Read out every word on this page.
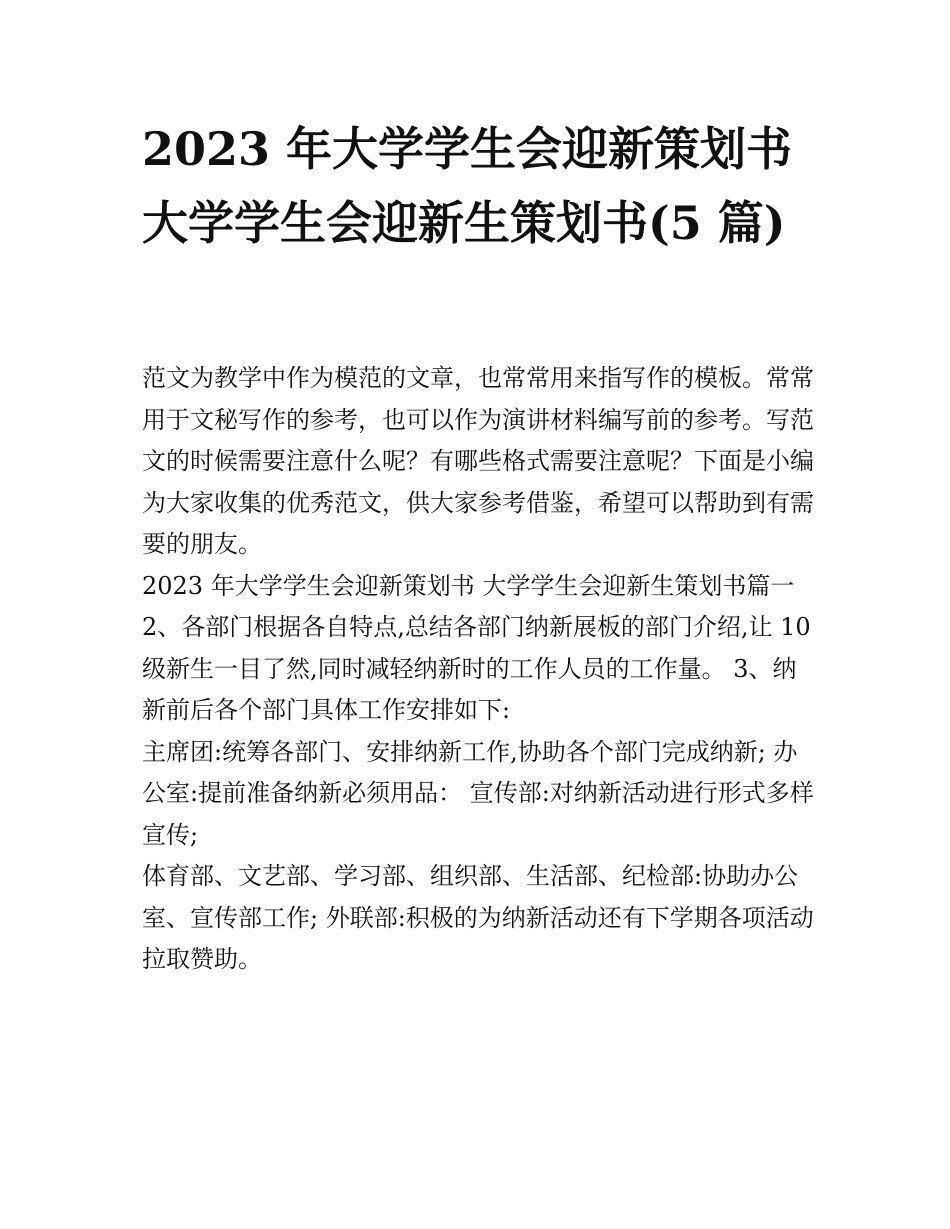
2023 年大学学生会迎新策划书 大学学生会迎新生策划书(5 篇)

范文为教学中作为模范的文章，也常常用来指写作的模板。常常用于文秘写作的参考，也可以作为演讲材料编写前的参考。写范文的时候需要注意什么呢？有哪些格式需要注意呢？下面是小编为大家收集的优秀范文，供大家参考借鉴，希望可以帮助到有需要的朋友。

2023 年大学学生会迎新策划书 大学学生会迎新生策划书篇一

2、各部门根据各自特点,总结各部门纳新展板的部门介绍,让 10 级新生一目了然,同时减轻纳新时的工作人员的工作量。 3、纳新前后各个部门具体工作安排如下:

主席团:统筹各部门、安排纳新工作,协助各个部门完成纳新; 办公室:提前准备纳新必须用品： 宣传部:对纳新活动进行形式多样宣传;

体育部、文艺部、学习部、组织部、生活部、纪检部:协助办公室、宣传部工作; 外联部:积极的为纳新活动还有下学期各项活动拉取赞助。
